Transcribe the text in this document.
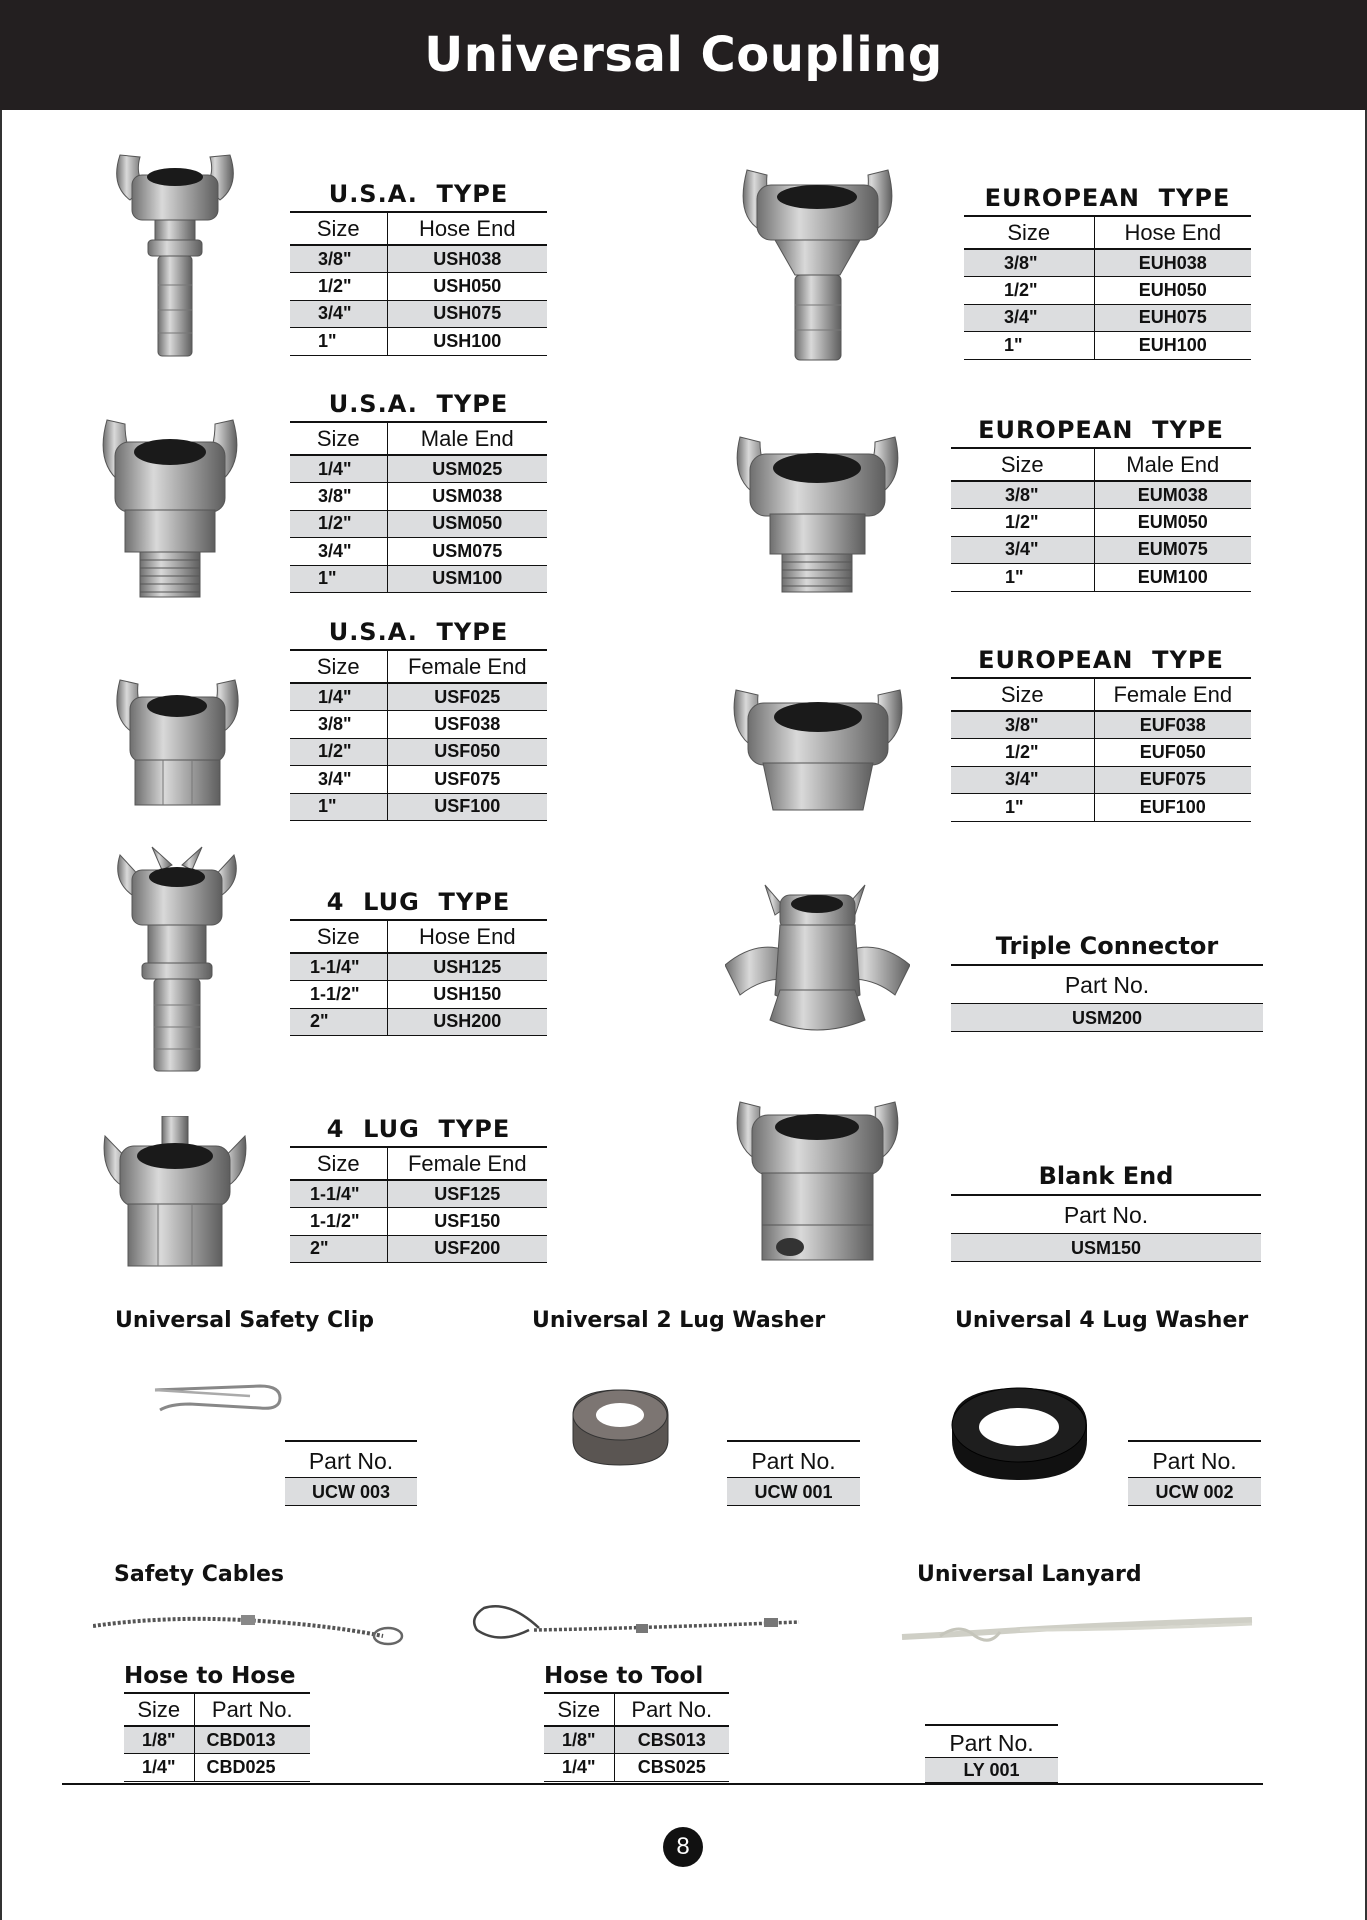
Universal Coupling
U.S.A.  TYPE
Size	Hose End
3/8"	USH038
1/2"	USH050
3/4"	USH075
1"	USH100
U.S.A.  TYPE
Size	Male End
1/4"	USM025
3/8"	USM038
1/2"	USM050
3/4"	USM075
1"	USM100
U.S.A.  TYPE
Size	Female End
1/4"	USF025
3/8"	USF038
1/2"	USF050
3/4"	USF075
1"	USF100
4  LUG  TYPE
Size	Hose End
1-1/4"	USH125
1-1/2"	USH150
2"	USH200
4  LUG  TYPE
Size	Female End
1-1/4"	USF125
1-1/2"	USF150
2"	USF200
EUROPEAN  TYPE
Size	Hose End
3/8"	EUH038
1/2"	EUH050
3/4"	EUH075
1"	EUH100
EUROPEAN  TYPE
Size	Male End
3/8"	EUM038
1/2"	EUM050
3/4"	EUM075
1"	EUM100
EUROPEAN  TYPE
Size	Female End
3/8"	EUF038
1/2"	EUF050
3/4"	EUF075
1"	EUF100
Triple Connector
Part No.
USM200
Blank End
Part No.
USM150
Universal Safety Clip	Universal 2 Lug Washer	Universal 4 Lug Washer
Part No.
UCW 003
Part No.
UCW 001
Part No.
UCW 002
Safety Cables	Universal Lanyard
Hose to Hose
Size	Part No.
1/8"	CBD013
1/4"	CBD025
Hose to Tool
Size	Part No.
1/8"	CBS013
1/4"	CBS025
Part No.
LY 001
8
